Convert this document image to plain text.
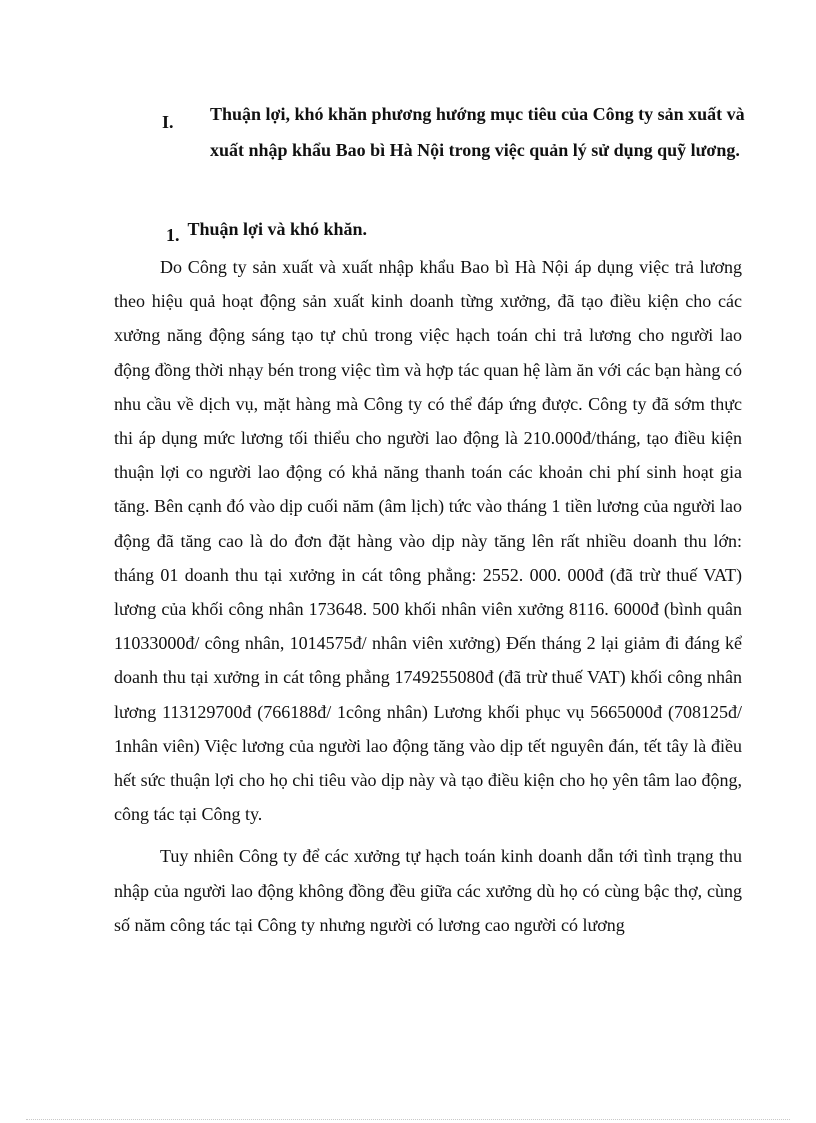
I. Thuận lợi, khó khăn phương hướng mục tiêu của Công ty sản xuất và xuất nhập khẩu Bao bì Hà Nội trong việc quản lý sử dụng quỹ lương.
1. Thuận lợi và khó khăn.

Do Công ty sản xuất và xuất nhập khẩu Bao bì Hà Nội áp dụng việc trả lương theo hiệu quả hoạt động sản xuất kinh doanh từng xưởng, đã tạo điều kiện cho các xưởng năng động sáng tạo tự chủ trong việc hạch toán chi trả lương cho người lao động đồng thời nhạy bén trong việc tìm và hợp tác quan hệ làm ăn với các bạn hàng có nhu cầu về dịch vụ, mặt hàng mà Công ty có thể đáp ứng được. Công ty đã sớm thực thi áp dụng mức lương tối thiểu cho người lao động là 210.000đ/tháng, tạo điều kiện thuận lợi co người lao động có khả năng thanh toán các khoản chi phí sinh hoạt gia tăng. Bên cạnh đó vào dịp cuối năm (âm lịch) tức vào tháng 1 tiền lương của người lao động đã tăng cao là do đơn đặt hàng vào dịp này tăng lên rất nhiều doanh thu lớn: tháng 01 doanh thu tại xưởng in cát tông phẳng: 2552. 000. 000đ (đã trừ thuế VAT) lương của khối công nhân 173648. 500 khối nhân viên xưởng 8116. 6000đ (bình quân 11033000đ/ công nhân, 1014575đ/ nhân viên xưởng) Đến tháng 2 lại giảm đi đáng kể doanh thu tại xưởng in cát tông phẳng 1749255080đ (đã trừ thuế VAT) khối công nhân lương 113129700đ (766188đ/ 1công nhân) Lương khối phục vụ 5665000đ (708125đ/ 1nhân viên) Việc lương của người lao động tăng vào dịp tết nguyên đán, tết tây là điều hết sức thuận lợi cho họ chi tiêu vào dịp này và tạo điều kiện cho họ yên tâm lao động, công tác tại Công ty.

Tuy nhiên Công ty để các xưởng tự hạch toán kinh doanh dẫn tới tình trạng thu nhập của người lao động không đồng đều giữa các xưởng dù họ có cùng bậc thợ, cùng số năm công tác tại Công ty nhưng người có lương cao người có lương
